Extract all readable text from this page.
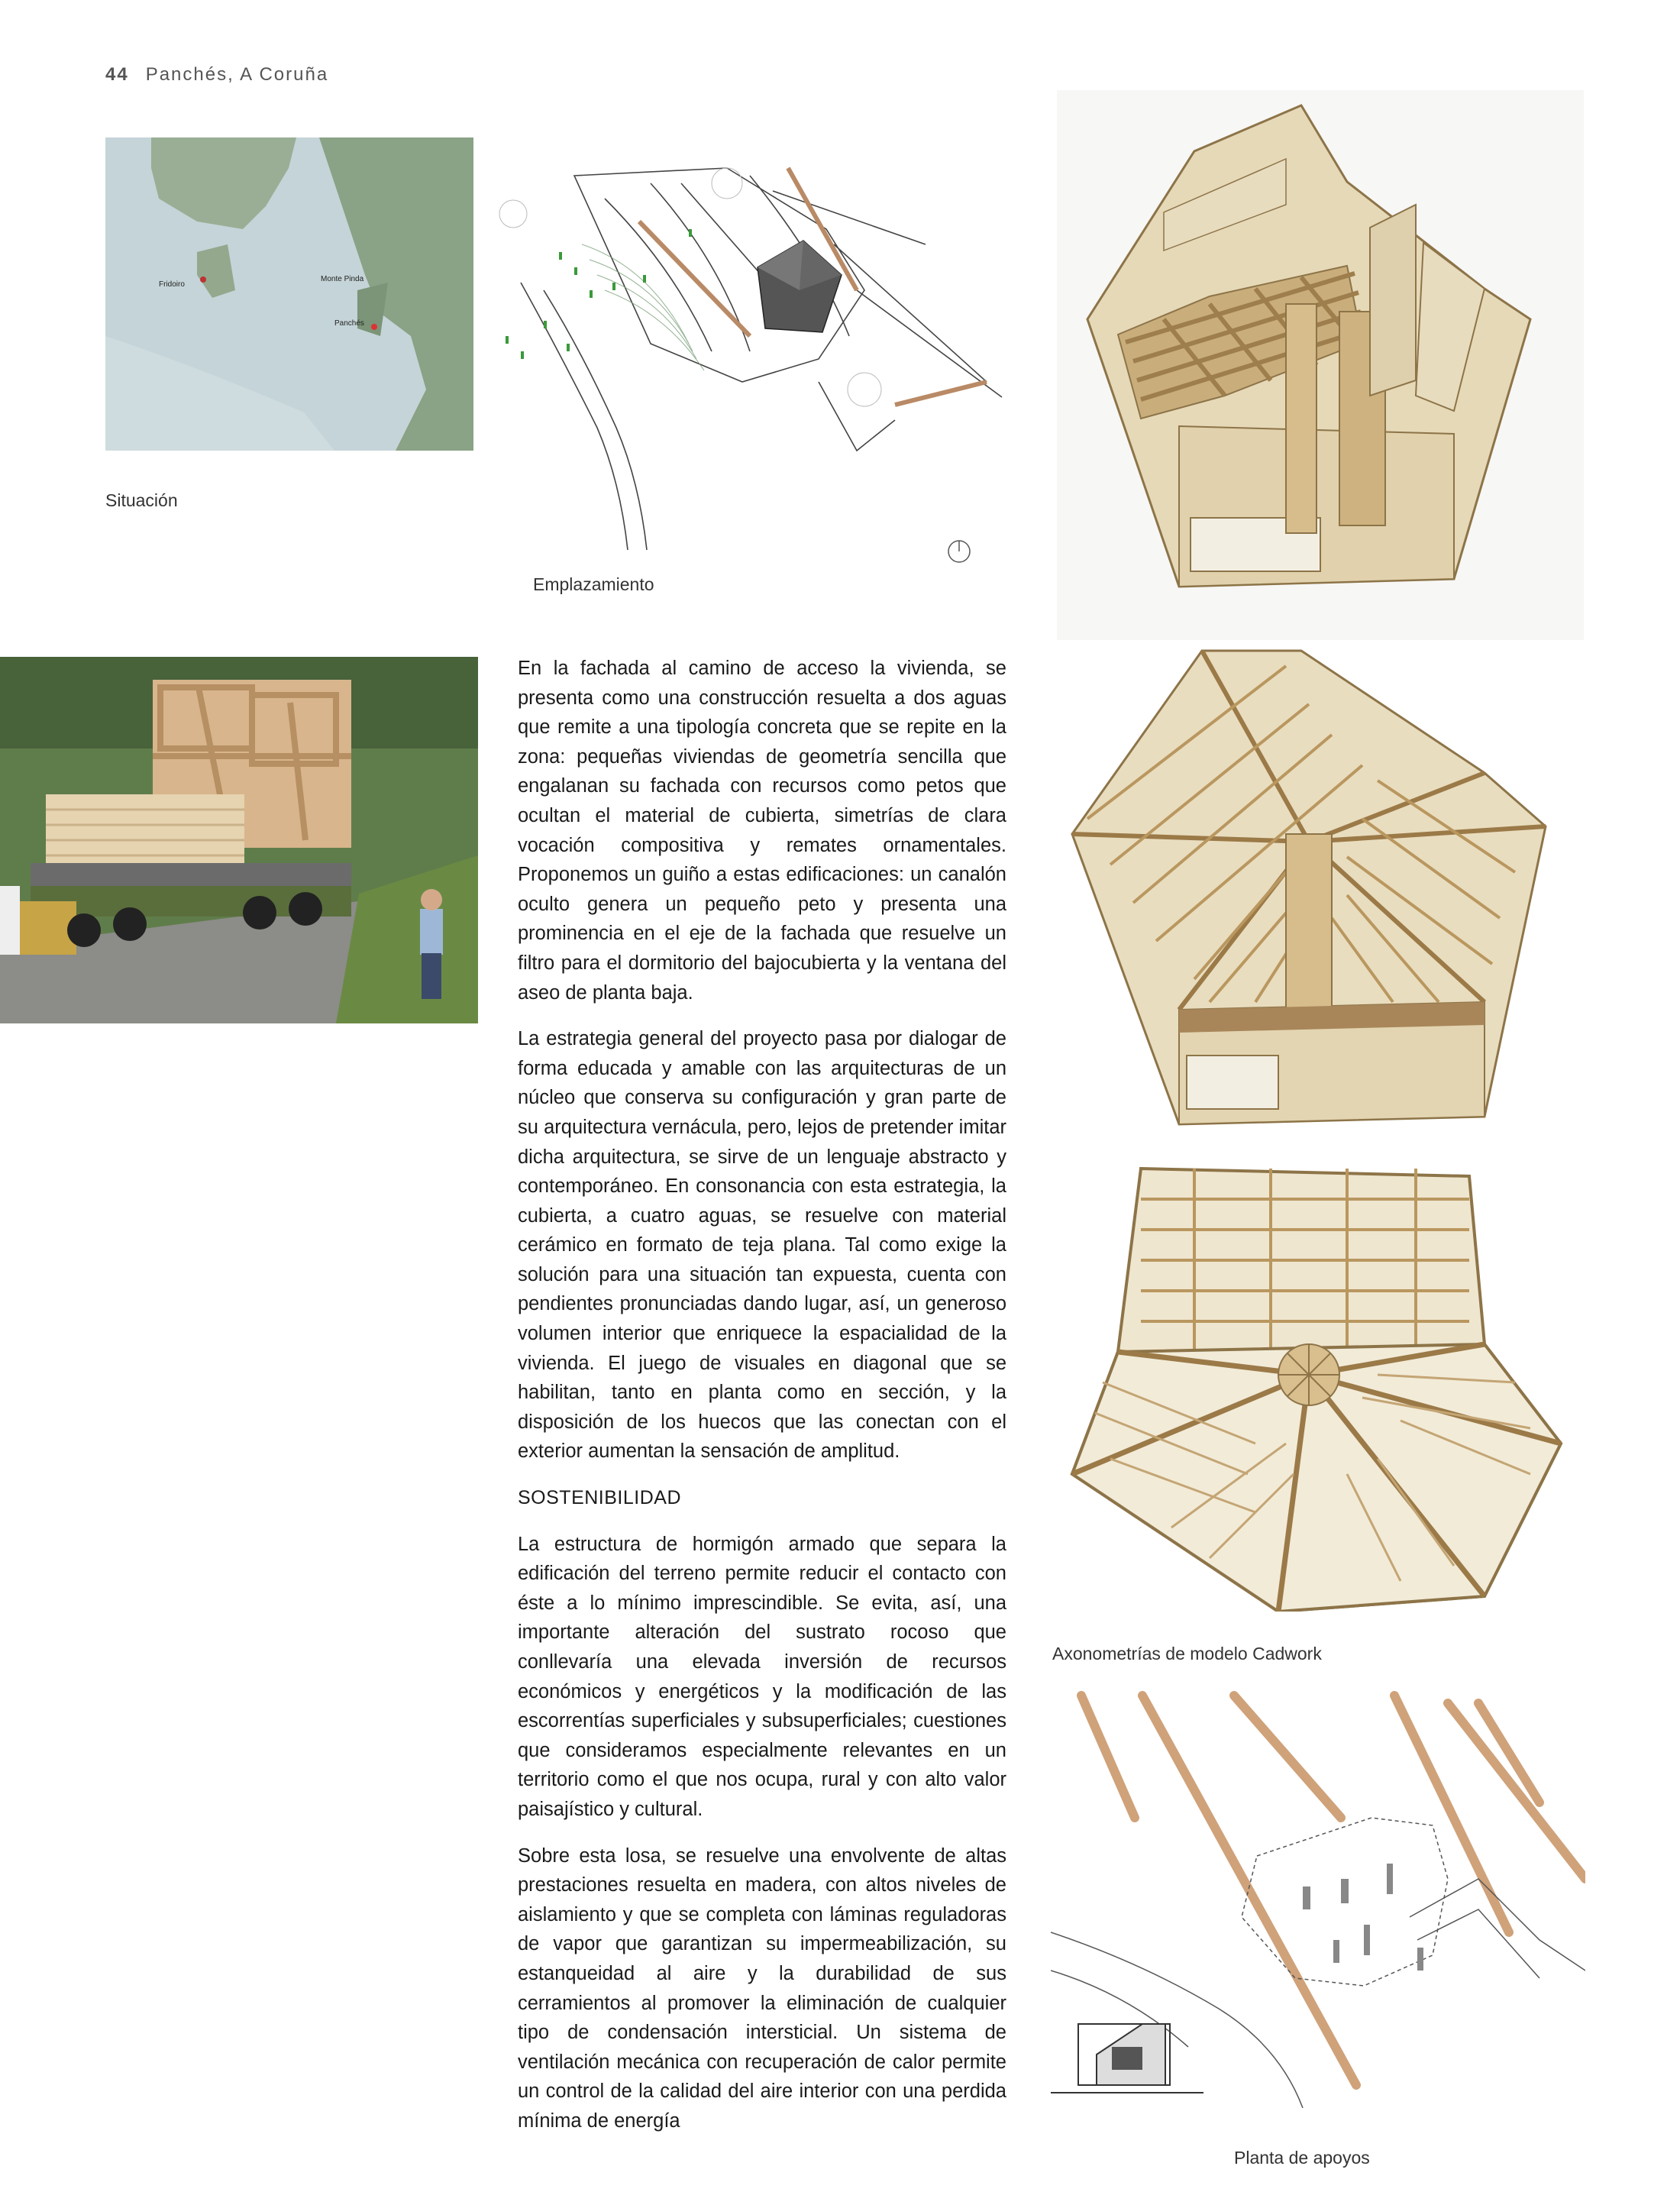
44 Panchés, A Coruña
Fridoiro
Monte Pinda
Panchés
Situación
Emplazamiento
Axonometrías de modelo Cadwork
Planta de apoyos

En la fachada al camino de acceso la vivienda, se presenta como una construcción resuelta a dos aguas que remite a una tipología concreta que se repite en la zona: pequeñas viviendas de geometría sencilla que engalanan su fachada con recursos como petos que ocultan el material de cubierta, simetrías de clara vocación compositiva y remates ornamentales. Proponemos un guiño a estas edificaciones: un canalón oculto genera un pequeño peto y presenta una prominencia en el eje de la fachada que resuelve un filtro para el dormitorio del bajocubierta y la ventana del aseo de planta baja.

La estrategia general del proyecto pasa por dialogar de forma educada y amable con las arquitecturas de un núcleo que conserva su configuración y gran parte de su arquitectura vernácula, pero, lejos de pretender imitar dicha arquitectura, se sirve de un lenguaje abstracto y contemporáneo. En consonancia con esta estrategia, la cubierta, a cuatro aguas, se resuelve con material cerámico en formato de teja plana. Tal como exige la solución para una situación tan expuesta, cuenta con pendientes pronunciadas dando lugar, así, un generoso volumen interior que enriquece la espacialidad de la vivienda. El juego de visuales en diagonal que se habilitan, tanto en planta como en sección, y la disposición de los huecos que las conectan con el exterior aumentan la sensación de amplitud.

SOSTENIBILIDAD

La estructura de hormigón armado que separa la edificación del terreno permite reducir el contacto con éste a lo mínimo imprescindible. Se evita, así, una importante alteración del sustrato rocoso que conllevaría una elevada inversión de recursos económicos y energéticos y la modificación de las escorrentías superficiales y subsuperficiales; cuestiones que consideramos especialmente relevantes en un territorio como el que nos ocupa, rural y con alto valor paisajístico y cultural.

Sobre esta losa, se resuelve una envolvente de altas prestaciones resuelta en madera, con altos niveles de aislamiento y que se completa con láminas reguladoras de vapor que garantizan su impermeabilización, su estanqueidad al aire y la durabilidad de sus cerramientos al promover la eliminación de cualquier tipo de condensación intersticial. Un sistema de ventilación mecánica con recuperación de calor permite un control de la calidad del aire interior con una perdida mínima de energía
